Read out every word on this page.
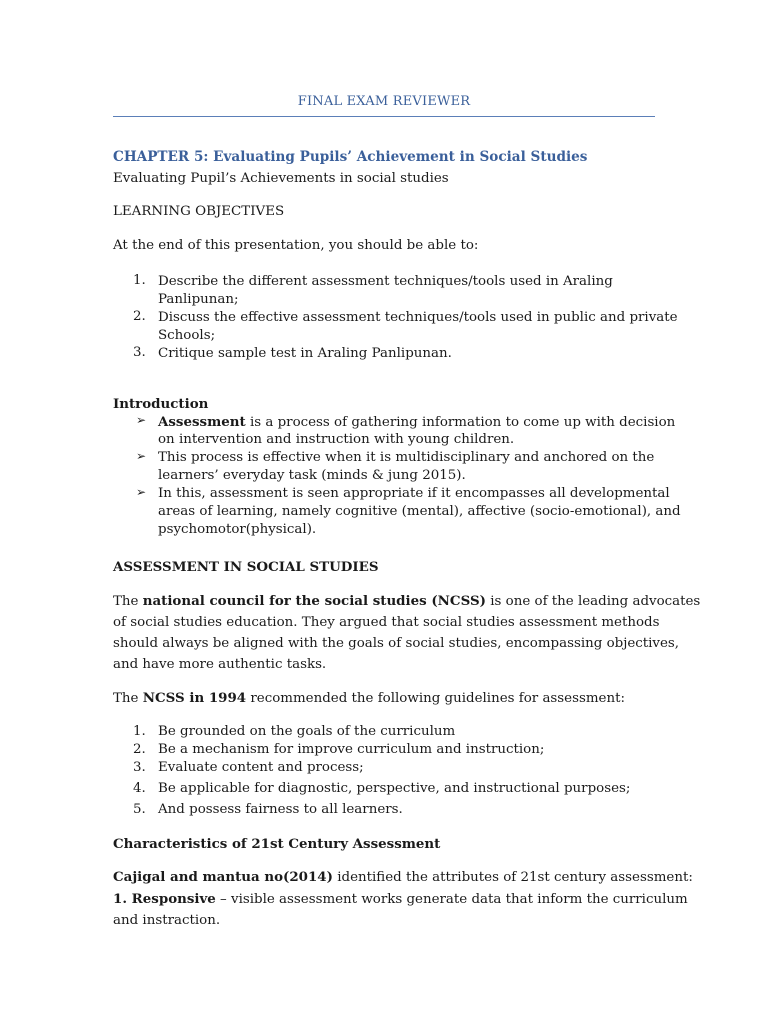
FINAL EXAM REVIEWER
CHAPTER 5: Evaluating Pupils’ Achievement in Social Studies
Evaluating Pupil’s Achievements in social studies
LEARNING OBJECTIVES
At the end of this presentation, you should be able to:
1. Describe the different assessment techniques/tools used in Araling
Panlipunan;
2. Discuss the effective assessment techniques/tools used in public and private
Schools;
3. Critique sample test in Araling Panlipunan.
Introduction
➢ Assessment is a process of gathering information to come up with decision
on intervention and instruction with young children.
➢ This process is effective when it is multidisciplinary and anchored on the
learners’ everyday task (minds & jung 2015).
➢ In this, assessment is seen appropriate if it encompasses all developmental
areas of learning, namely cognitive (mental), affective (socio-emotional), and
psychomotor(physical).
ASSESSMENT IN SOCIAL STUDIES
The national council for the social studies (NCSS) is one of the leading advocates
of social studies education. They argued that social studies assessment methods
should always be aligned with the goals of social studies, encompassing objectives,
and have more authentic tasks.
The NCSS in 1994 recommended the following guidelines for assessment:
1. Be grounded on the goals of the curriculum
2. Be a mechanism for improve curriculum and instruction;
3. Evaluate content and process;
4. Be applicable for diagnostic, perspective, and instructional purposes;
5. And possess fairness to all learners.
Characteristics of 21st Century Assessment
Cajigal and mantua no(2014) identified the attributes of 21st century assessment:
1. Responsive – visible assessment works generate data that inform the curriculum
and instraction.
